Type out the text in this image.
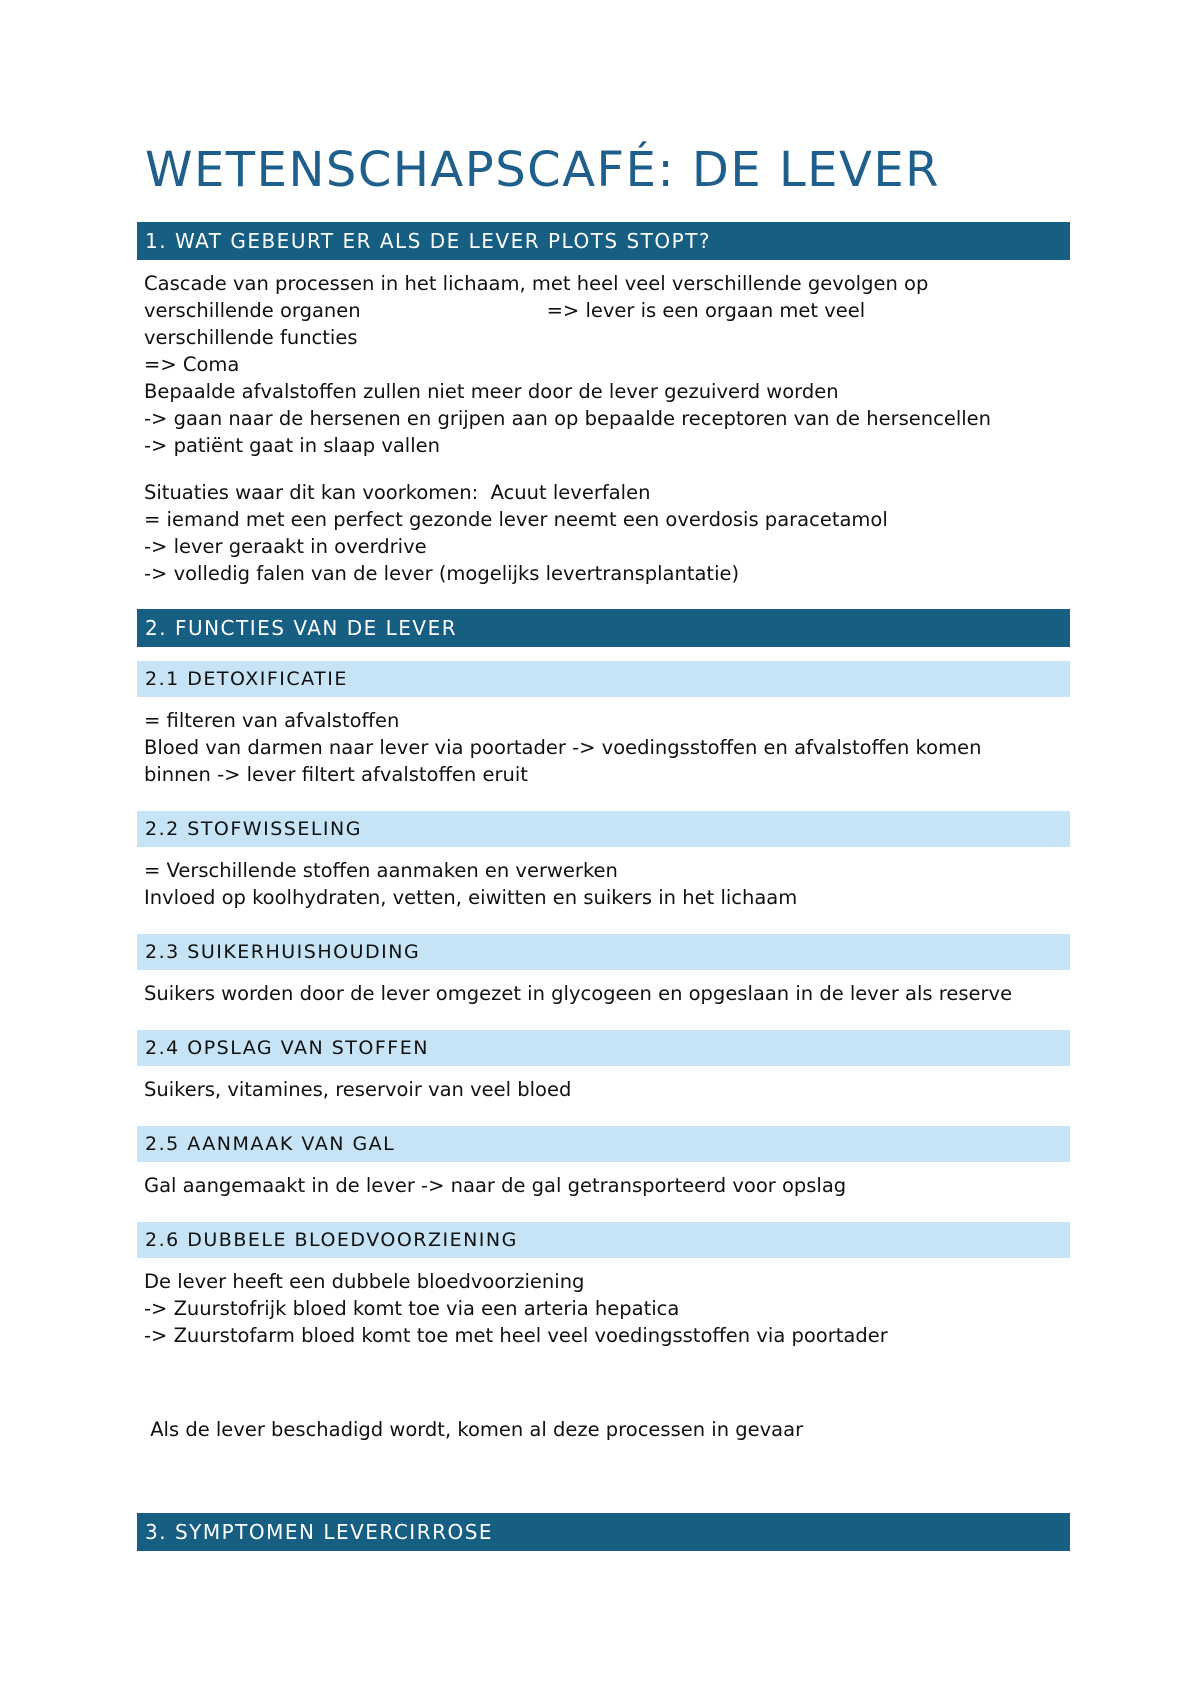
WETENSCHAPSCAFÉ: DE LEVER
1. WAT GEBEURT ER ALS DE LEVER PLOTS STOPT?
Cascade van processen in het lichaam, met heel veel verschillende gevolgen op
verschillende organen                              => lever is een orgaan met veel
verschillende functies
=> Coma
Bepaalde afvalstoffen zullen niet meer door de lever gezuiverd worden
-> gaan naar de hersenen en grijpen aan op bepaalde receptoren van de hersencellen
-> patiënt gaat in slaap vallen
Situaties waar dit kan voorkomen:  Acuut leverfalen
= iemand met een perfect gezonde lever neemt een overdosis paracetamol
-> lever geraakt in overdrive
-> volledig falen van de lever (mogelijks levertransplantatie)
2. FUNCTIES VAN DE LEVER
2.1 DETOXIFICATIE
= filteren van afvalstoffen
Bloed van darmen naar lever via poortader -> voedingsstoffen en afvalstoffen komen
binnen -> lever filtert afvalstoffen eruit
2.2 STOFWISSELING
= Verschillende stoffen aanmaken en verwerken
Invloed op koolhydraten, vetten, eiwitten en suikers in het lichaam
2.3 SUIKERHUISHOUDING
Suikers worden door de lever omgezet in glycogeen en opgeslaan in de lever als reserve
2.4 OPSLAG VAN STOFFEN
Suikers, vitamines, reservoir van veel bloed
2.5 AANMAAK VAN GAL
Gal aangemaakt in de lever -> naar de gal getransporteerd voor opslag
2.6 DUBBELE BLOEDVOORZIENING
De lever heeft een dubbele bloedvoorziening
-> Zuurstofrijk bloed komt toe via een arteria hepatica
-> Zuurstofarm bloed komt toe met heel veel voedingsstoffen via poortader
Als de lever beschadigd wordt, komen al deze processen in gevaar
3. SYMPTOMEN LEVERCIRROSE
